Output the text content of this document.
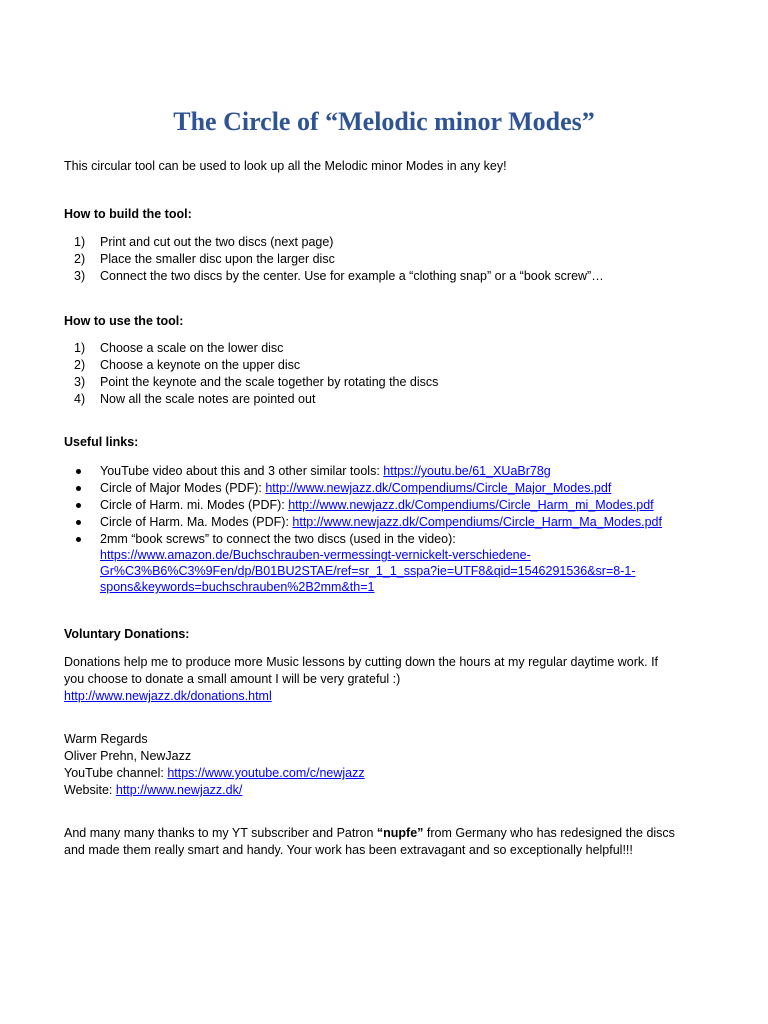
The Circle of “Melodic minor Modes”

This circular tool can be used to look up all the Melodic minor Modes in any key!

How to build the tool:

1) Print and cut out the two discs (next page)
2) Place the smaller disc upon the larger disc
3) Connect the two discs by the center. Use for example a “clothing snap” or a “book screw”…

How to use the tool:

1) Choose a scale on the lower disc
2) Choose a keynote on the upper disc
3) Point the keynote and the scale together by rotating the discs
4) Now all the scale notes are pointed out

Useful links:

YouTube video about this and 3 other similar tools: https://youtu.be/61_XUaBr78g
Circle of Major Modes (PDF): http://www.newjazz.dk/Compendiums/Circle_Major_Modes.pdf
Circle of Harm. mi. Modes (PDF): http://www.newjazz.dk/Compendiums/Circle_Harm_mi_Modes.pdf
Circle of Harm. Ma. Modes (PDF): http://www.newjazz.dk/Compendiums/Circle_Harm_Ma_Modes.pdf
2mm “book screws” to connect the two discs (used in the video):
https://www.amazon.de/Buchschrauben-vermessingt-vernickelt-verschiedene-
Gr%C3%B6%C3%9Fen/dp/B01BU2STAE/ref=sr_1_1_sspa?ie=UTF8&qid=1546291536&sr=8-1-
spons&keywords=buchschrauben%2B2mm&th=1

Voluntary Donations:

Donations help me to produce more Music lessons by cutting down the hours at my regular daytime work. If
you choose to donate a small amount I will be very grateful :)
http://www.newjazz.dk/donations.html
Warm Regards
Oliver Prehn, NewJazz
YouTube channel: https://www.youtube.com/c/newjazz
Website: http://www.newjazz.dk/
And many many thanks to my YT subscriber and Patron “nupfe” from Germany who has redesigned the discs
and made them really smart and handy. Your work has been extravagant and so exceptionally helpful!!!
